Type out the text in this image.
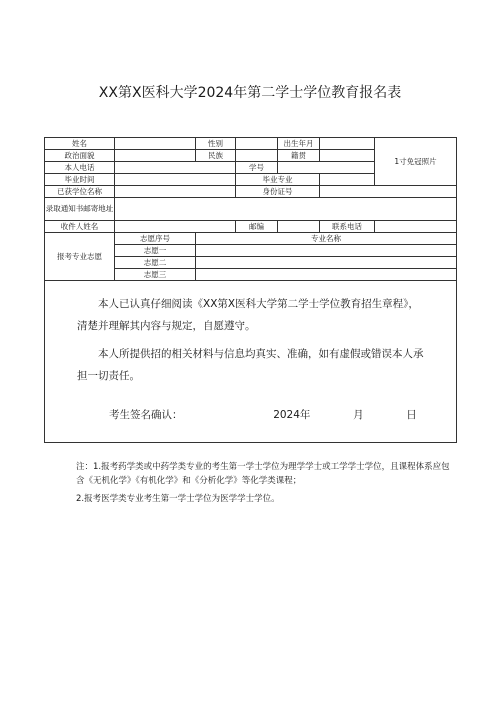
XX第X医科大学2024年第二学士学位教育报名表
姓名		性别		出生年月		1寸免冠照片
政治面貌		民族		籍贯		
本人电话			学号			
毕业时间			毕业专业			
已获学位名称			身份证号			
录取通知书邮寄地址						
收件人姓名			邮编		联系电话	
报考专业志愿	志愿序号	专业名称				
	志愿一					
	志愿二					
	志愿三					

本人已认真仔细阅读《XX第X医科大学第二学士学位教育招生章程》，清楚并理解其内容与规定，自愿遵守。
本人所提供招的相关材料与信息均真实、准确，如有虚假或错误本人承担一切责任。
考生签名确认： 2024年 月 日						
注：1.报考药学类或中药学类专业的考生第一学士学位为理学学士或工学学士学位，且课程体系应包含《无机化学》《有机化学》和《分析化学》等化学类课程；
2.报考医学类专业考生第一学士学位为医学学士学位。
